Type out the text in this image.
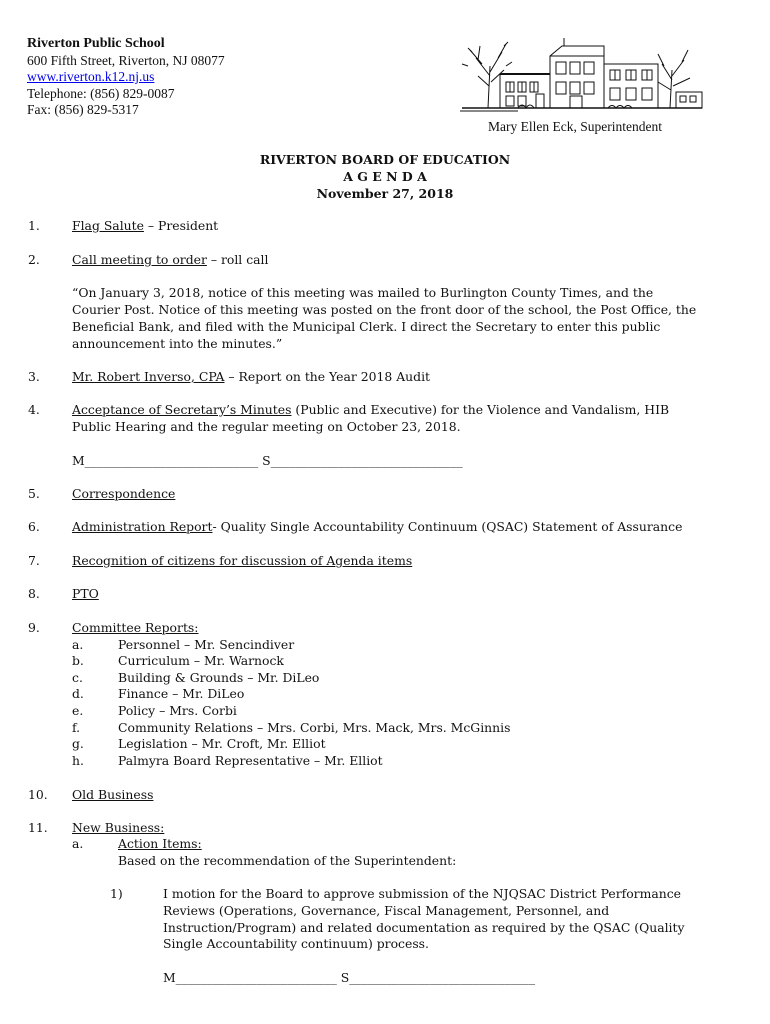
Riverton Public School
600 Fifth Street, Riverton, NJ 08077
www.riverton.k12.nj.us
Telephone: (856) 829-0087
Fax: (856) 829-5317
Mary Ellen Eck, Superintendent
RIVERTON BOARD OF EDUCATION
A G E N D A
November 27, 2018
1.	Flag Salute – President
2.	Call meeting to order – roll call
“On January 3, 2018, notice of this meeting was mailed to Burlington County Times, and the
Courier Post. Notice of this meeting was posted on the front door of the school, the Post Office, the
Beneficial Bank, and filed with the Municipal Clerk. I direct the Secretary to enter this public
announcement into the minutes.”
3.	Mr. Robert Inverso, CPA – Report on the Year 2018 Audit
4.	Acceptance of Secretary’s Minutes (Public and Executive) for the Violence and Vandalism, HIB
Public Hearing and the regular meeting on October 23, 2018.
M____________________________ S_______________________________
5.	Correspondence
6.	Administration Report- Quality Single Accountability Continuum (QSAC) Statement of Assurance
7.	Recognition of citizens for discussion of Agenda items
8.	PTO
9.	Committee Reports:
a.	Personnel – Mr. Sencindiver
b.	Curriculum – Mr. Warnock
c.	Building & Grounds – Mr. DiLeo
d.	Finance – Mr. DiLeo
e.	Policy – Mrs. Corbi
f.	Community Relations – Mrs. Corbi, Mrs. Mack, Mrs. McGinnis
g.	Legislation – Mr. Croft, Mr. Elliot
h.	Palmyra Board Representative – Mr. Elliot
10. Old Business
11. New Business:
a.	Action Items:
Based on the recommendation of the Superintendent:
1)	I motion for the Board to approve submission of the NJQSAC District Performance
Reviews (Operations, Governance, Fiscal Management, Personnel, and
Instruction/Program) and related documentation as required by the QSAC (Quality
Single Accountability continuum) process.
M__________________________ S______________________________
